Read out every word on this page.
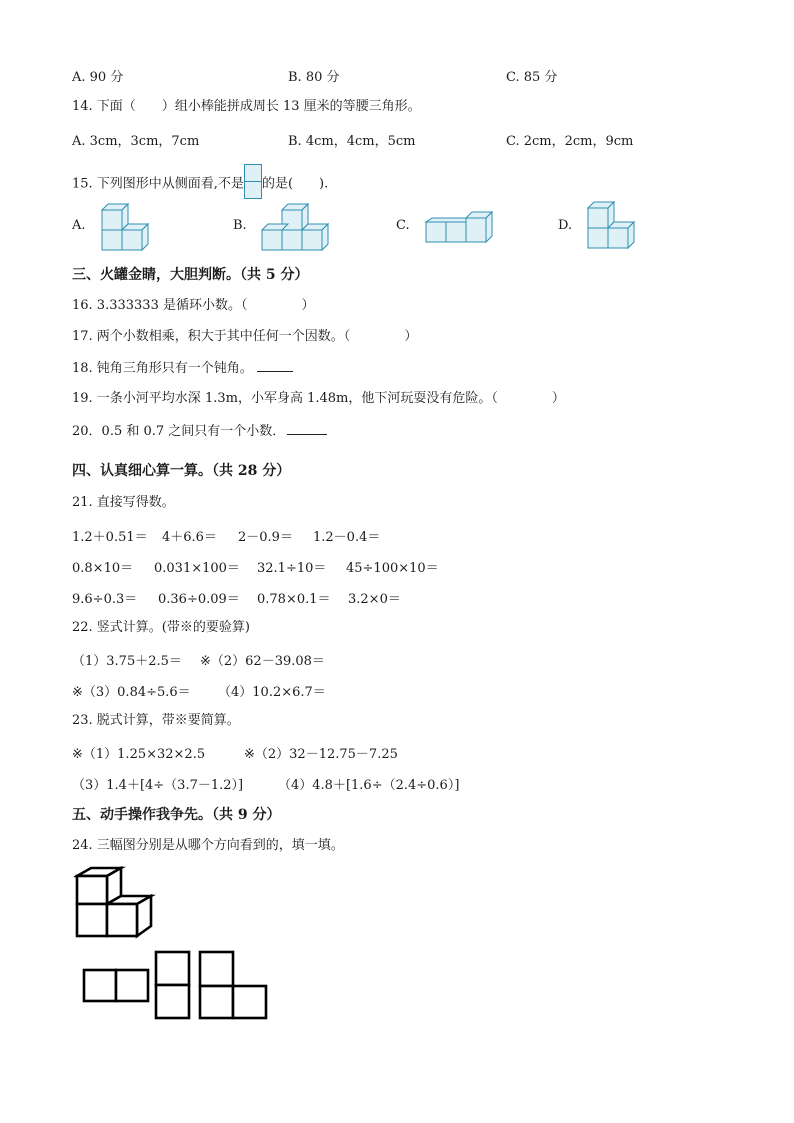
A. 90 分	B. 80 分	C. 85 分
14. 下面（ ）组小棒能拼成周长 13 厘米的等腰三角形。
A. 3cm，3cm，7cm	B. 4cm，4cm，5cm	C. 2cm，2cm，9cm
15. 下列图形中从侧面看,不是 的是(　　).
A.	B.	C.	D.
三、火罐金睛，大胆判断。（共 5 分）
16. 3.333333 是循环小数。（	）
17. 两个小数相乘，积大于其中任何一个因数。（	）
18. 钝角三角形只有一个钝角。
19. 一条小河平均水深 1.3m，小军身高 1.48m，他下河玩耍没有危险。（	）
20．0.5 和 0.7 之间只有一个小数．
四、认真细心算一算。（共 28 分）
21. 直接写得数。
1.2＋0.51＝ 4＋6.6＝ 2－0.9＝ 1.2－0.4＝
0.8×10＝ 0.031×100＝ 32.1÷10＝ 45÷100×10＝
9.6÷0.3＝ 0.36÷0.09＝ 0.78×0.1＝ 3.2×0＝
22. 竖式计算。(带※的要验算)
（1）3.75＋2.5＝ ※（2）62－39.08＝
※（3）0.84÷5.6＝ （4）10.2×6.7＝
23. 脱式计算，带※要简算。
※（1）1.25×32×2.5	※（2）32－12.75－7.25
（3）1.4＋[4÷（3.7－1.2）]	（4）4.8＋[1.6÷（2.4÷0.6）]
五、动手操作我争先。（共 9 分）
24. 三幅图分别是从哪个方向看到的，填一填。
